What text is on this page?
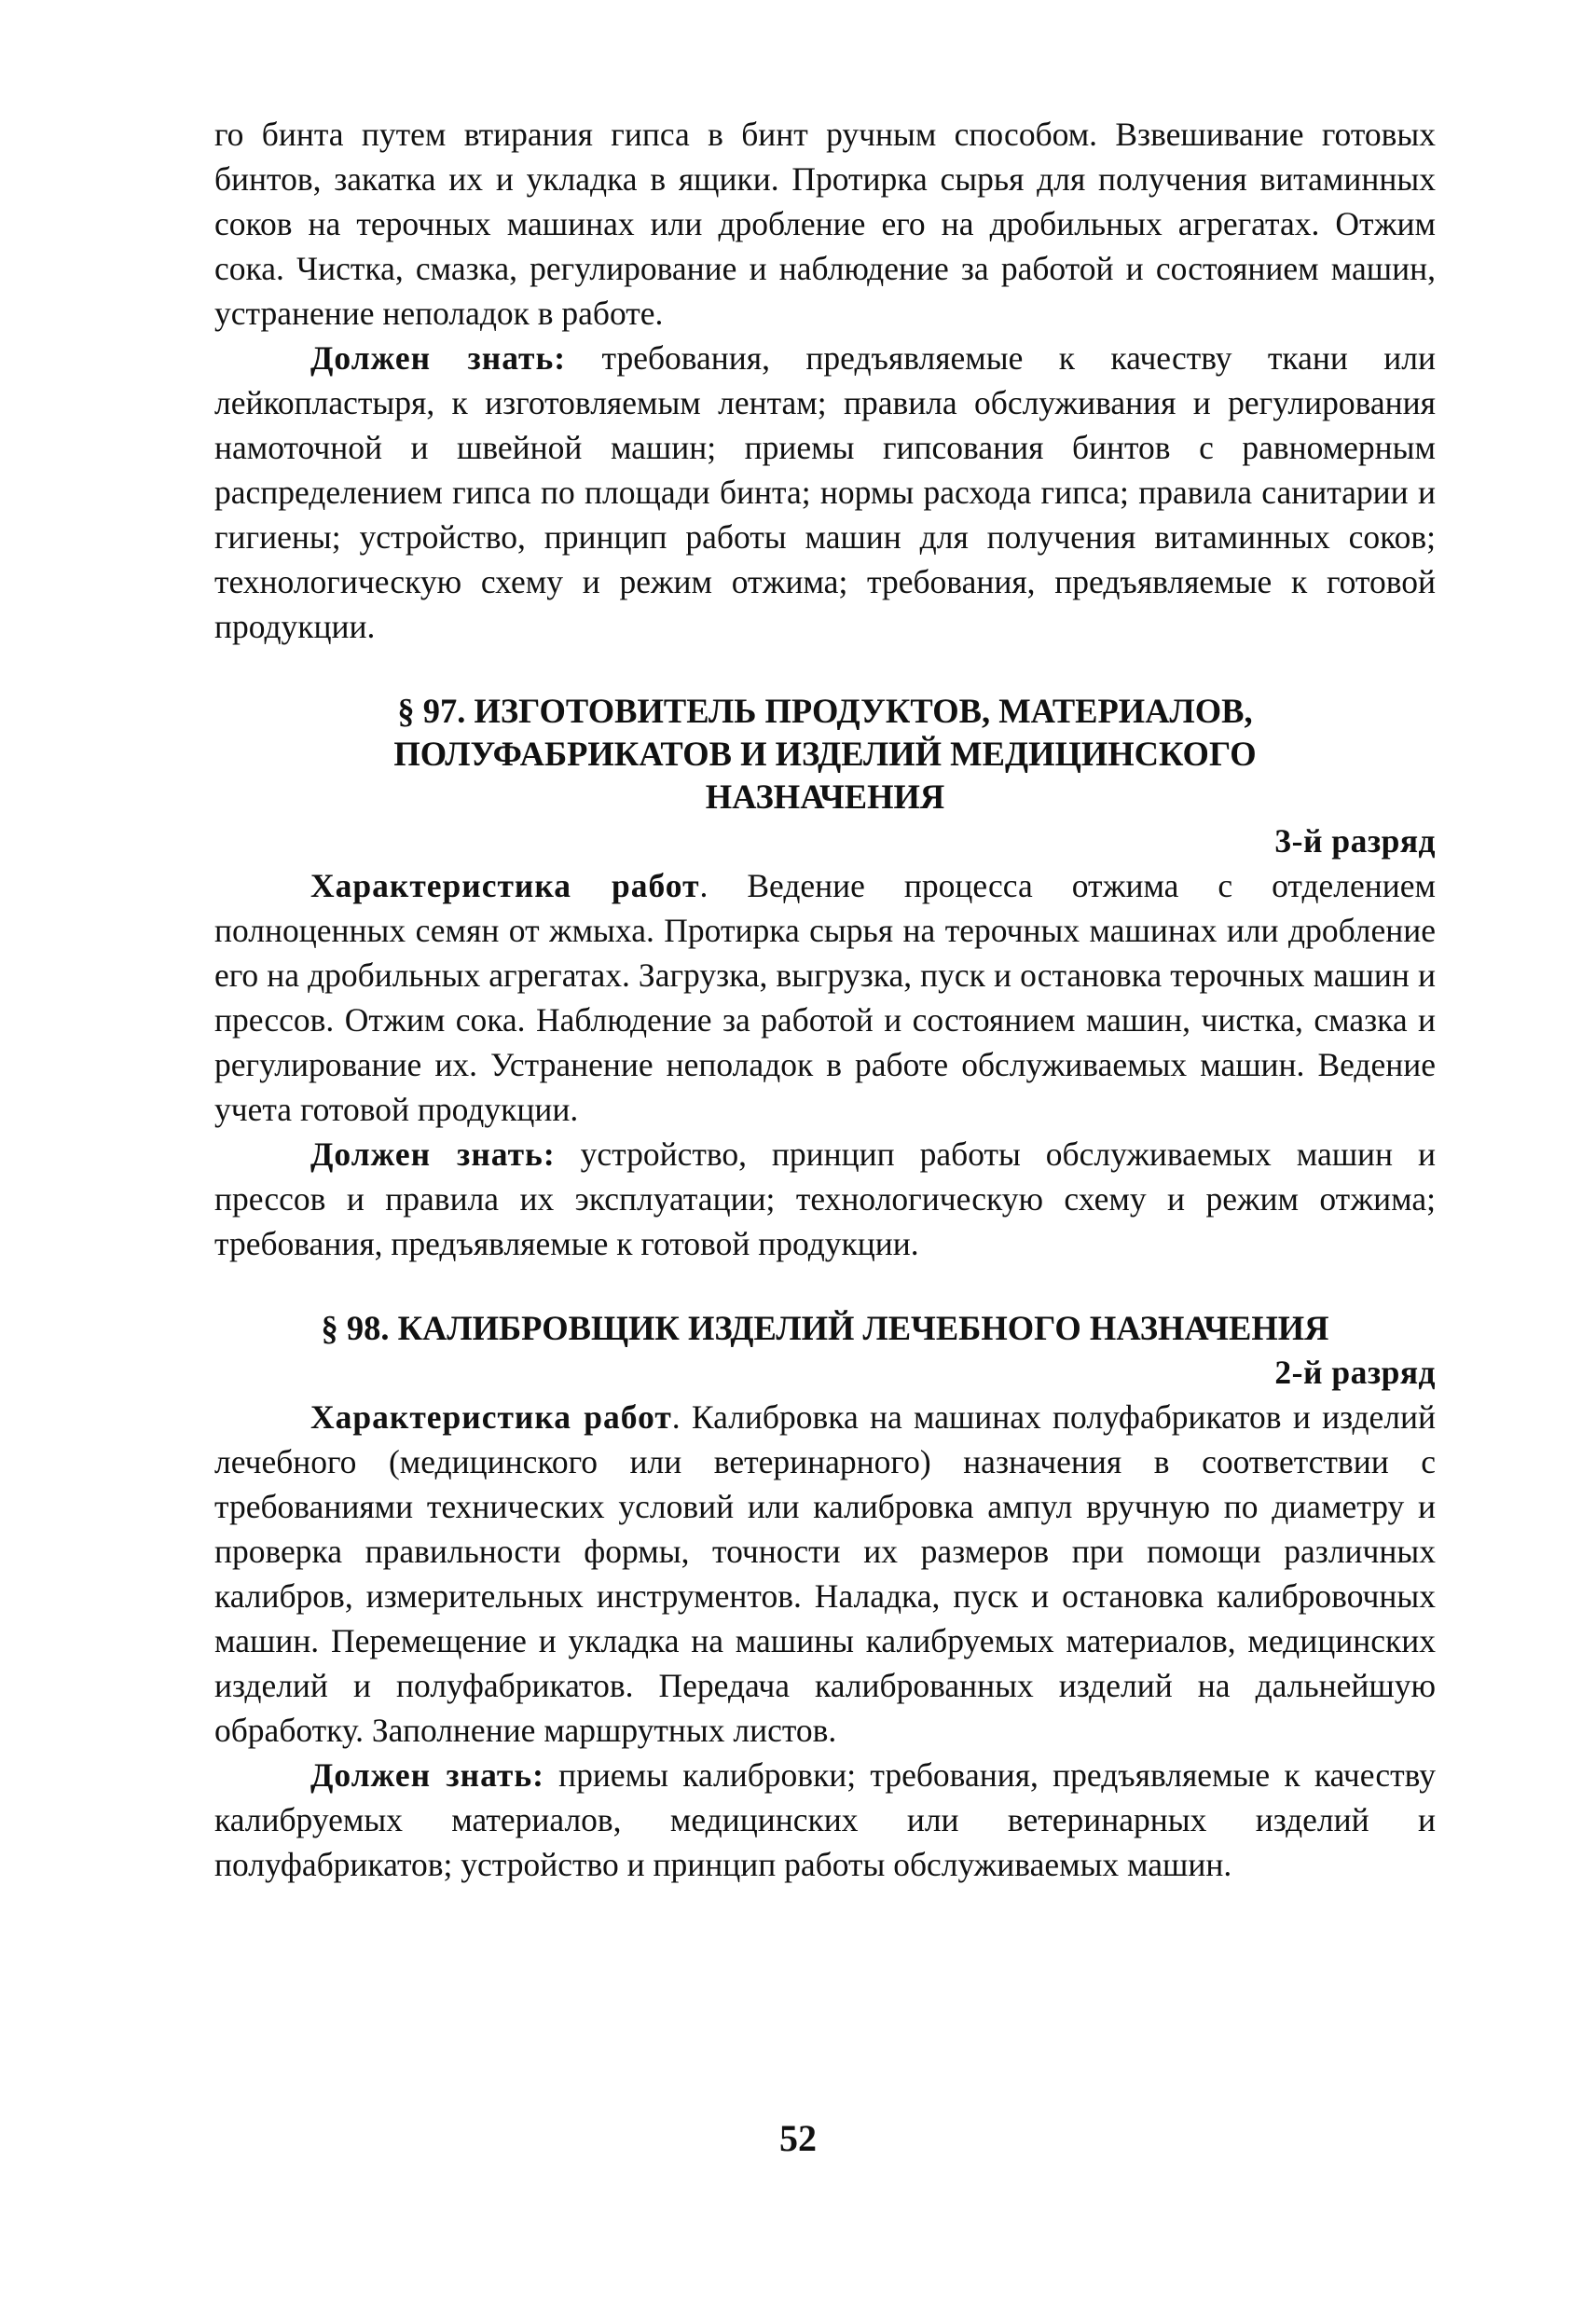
го бинта путем втирания гипса в бинт ручным способом. Взвешивание готовых бинтов, закатка их и укладка в ящики. Протирка сырья для получения витаминных соков на терочных машинах или дробление его на дробильных агрегатах. Отжим сока. Чистка, смазка, регулирование и наблюдение за работой и состоянием машин, устранение неполадок в работе.

Должен знать: требования, предъявляемые к качеству ткани или лейкопластыря, к изготовляемым лентам; правила обслуживания и регулирования намоточной и швейной машин; приемы гипсования бинтов с равномерным распределением гипса по площади бинта; нормы расхода гипса; правила санитарии и гигиены; устройство, принцип работы машин для получения витаминных соков; технологическую схему и режим отжима; требования, предъявляемые к готовой продукции.

§ 97. ИЗГОТОВИТЕЛЬ ПРОДУКТОВ, МАТЕРИАЛОВ,
ПОЛУФАБРИКАТОВ И ИЗДЕЛИЙ МЕДИЦИНСКОГО
НАЗНАЧЕНИЯ

3-й разряд

Характеристика работ. Ведение процесса отжима с отделением полноценных семян от жмыха. Протирка сырья на терочных машинах или дробление его на дробильных агрегатах. Загрузка, выгрузка, пуск и остановка терочных машин и прессов. Отжим сока. Наблюдение за работой и состоянием машин, чистка, смазка и регулирование их. Устранение неполадок в работе обслуживаемых машин. Ведение учета готовой продукции.

Должен знать: устройство, принцип работы обслуживаемых машин и прессов и правила их эксплуатации; технологическую схему и режим отжима; требования, предъявляемые к готовой продукции.

§ 98. КАЛИБРОВЩИК ИЗДЕЛИЙ ЛЕЧЕБНОГО НАЗНАЧЕНИЯ

2-й разряд

Характеристика работ. Калибровка на машинах полуфабрикатов и изделий лечебного (медицинского или ветеринарного) назначения в соответствии с требованиями технических условий или калибровка ампул вручную по диаметру и проверка правильности формы, точности их размеров при помощи различных калибров, измерительных инструментов. Наладка, пуск и остановка калибровочных машин. Перемещение и укладка на машины калибруемых материалов, медицинских изделий и полуфабрикатов. Передача калиброванных изделий на дальнейшую обработку. Заполнение маршрутных листов.

Должен знать: приемы калибровки; требования, предъявляемые к качеству калибруемых материалов, медицинских или ветеринарных изделий и полуфабрикатов; устройство и принцип работы обслуживаемых машин.

52
